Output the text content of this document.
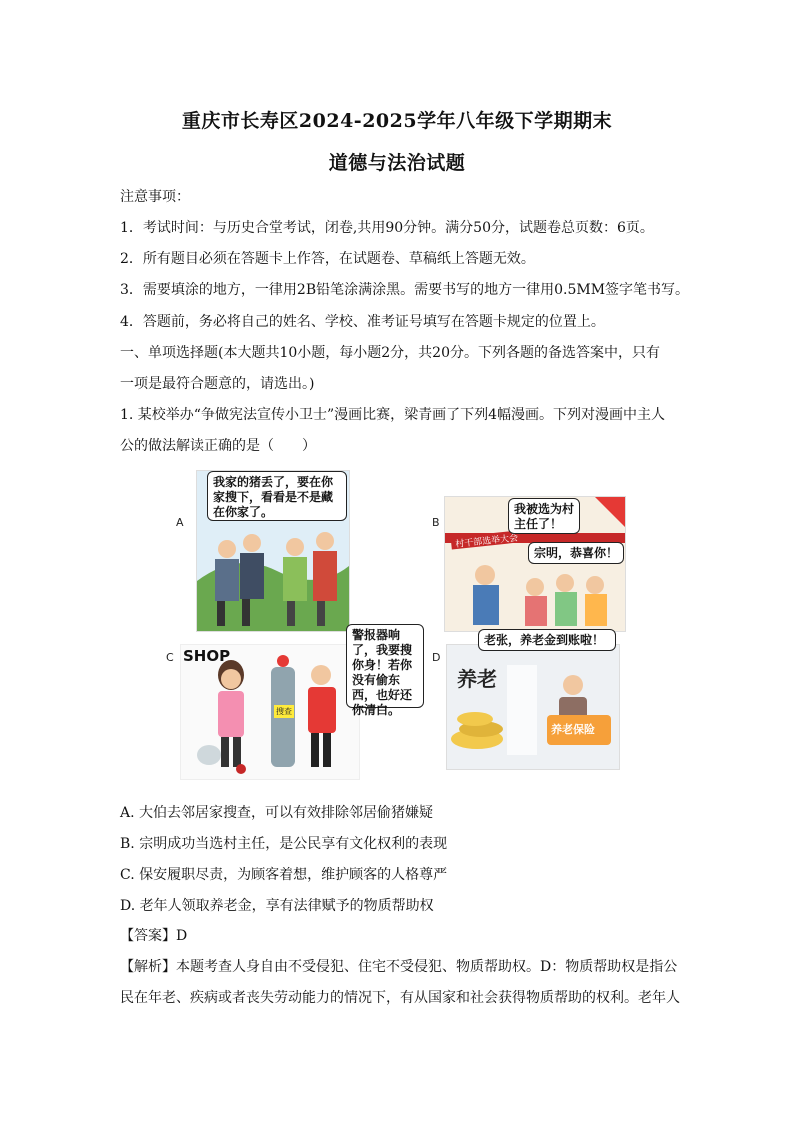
重庆市长寿区2024-2025学年八年级下学期期末
道德与法治试题
注意事项：
1．考试时间：与历史合堂考试，闭卷,共用90分钟。满分50分，试题卷总页数：6页。
2．所有题目必须在答题卡上作答，在试题卷、草稿纸上答题无效。
3．需要填涂的地方，一律用2B铅笔涂满涂黑。需要书写的地方一律用0.5MM签字笔书写。
4．答题前，务必将自己的姓名、学校、准考证号填写在答题卡规定的位置上。
一、单项选择题(本大题共10小题，每小题2分，共20分。下列各题的备选答案中，只有
一项是最符合题意的，请选出。)
1. 某校举办“争做宪法宣传小卫士”漫画比赛，梁青画了下列4幅漫画。下列对漫画中主人
公的做法解读正确的是（　　）
A
我家的猪丢了，要在你家搜下，看看是不是藏在你家了。
B
村干部选举大会
我被选为村主任了！
宗明，恭喜你！
C
搜查
SHOP
警报器响了，我要搜你身！若你没有偷东西，也好还你清白。
D
养老
养老保险
老张，养老金到账啦！
A. 大伯去邻居家搜查，可以有效排除邻居偷猪嫌疑
B. 宗明成功当选村主任，是公民享有文化权利的表现
C. 保安履职尽责，为顾客着想，维护顾客的人格尊严
D. 老年人领取养老金，享有法律赋予的物质帮助权
【答案】D
【解析】本题考查人身自由不受侵犯、住宅不受侵犯、物质帮助权。D：物质帮助权是指公
民在年老、疾病或者丧失劳动能力的情况下，有从国家和社会获得物质帮助的权利。老年人
